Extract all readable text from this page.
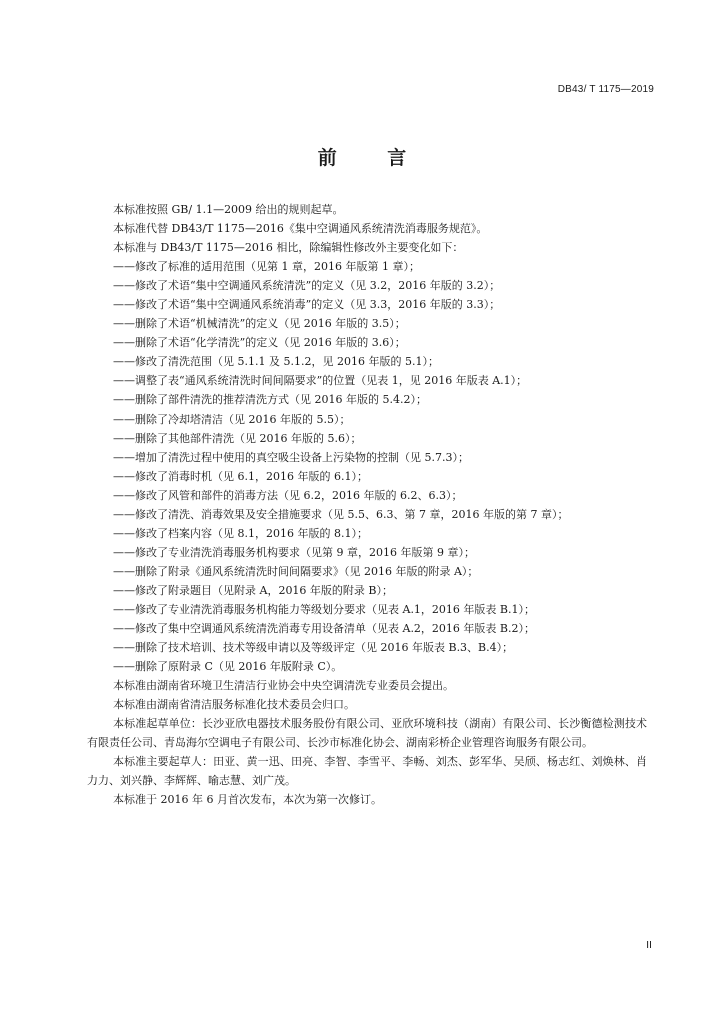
DB43/ T 1175—2019
前 言
本标准按照 GB/ 1.1—2009 给出的规则起草。
本标准代替 DB43/T 1175—2016《集中空调通风系统清洗消毒服务规范》。
本标准与 DB43/T 1175—2016 相比，除编辑性修改外主要变化如下：
——修改了标准的适用范围（见第 1 章，2016 年版第 1 章）；
——修改了术语“集中空调通风系统清洗”的定义（见 3.2，2016 年版的 3.2）；
——修改了术语“集中空调通风系统消毒”的定义（见 3.3，2016 年版的 3.3）；
——删除了术语“机械清洗”的定义（见 2016 年版的 3.5）；
——删除了术语“化学清洗”的定义（见 2016 年版的 3.6）；
——修改了清洗范围（见 5.1.1 及 5.1.2，见 2016 年版的 5.1）；
——调整了表“通风系统清洗时间间隔要求”的位置（见表 1，见 2016 年版表 A.1）；
——删除了部件清洗的推荐清洗方式（见 2016 年版的 5.4.2）；
——删除了冷却塔清洁（见 2016 年版的 5.5）；
——删除了其他部件清洗（见 2016 年版的 5.6）；
——增加了清洗过程中使用的真空吸尘设备上污染物的控制（见 5.7.3）；
——修改了消毒时机（见 6.1，2016 年版的 6.1）；
——修改了风管和部件的消毒方法（见 6.2，2016 年版的 6.2、6.3）；
——修改了清洗、消毒效果及安全措施要求（见 5.5、6.3、第 7 章，2016 年版的第 7 章）；
——修改了档案内容（见 8.1，2016 年版的 8.1）；
——修改了专业清洗消毒服务机构要求（见第 9 章，2016 年版第 9 章）；
——删除了附录《通风系统清洗时间间隔要求》（见 2016 年版的附录 A）；
——修改了附录题目（见附录 A，2016 年版的附录 B）；
——修改了专业清洗消毒服务机构能力等级划分要求（见表 A.1，2016 年版表 B.1）；
——修改了集中空调通风系统清洗消毒专用设备清单（见表 A.2，2016 年版表 B.2）；
——删除了技术培训、技术等级申请以及等级评定（见 2016 年版表 B.3、B.4）；
——删除了原附录 C（见 2016 年版附录 C）。
本标准由湖南省环境卫生清洁行业协会中央空调清洗专业委员会提出。
本标准由湖南省清洁服务标准化技术委员会归口。
本标准起草单位：长沙亚欣电器技术服务股份有限公司、亚欣环境科技（湖南）有限公司、长沙衡德检测技术有限责任公司、青岛海尔空调电子有限公司、长沙市标准化协会、湖南彩桥企业管理咨询服务有限公司。
本标准主要起草人：田亚、黄一迅、田亮、李智、李雪平、李畅、刘杰、彭军华、吴颀、杨志红、刘焕林、肖力力、刘兴静、李辉辉、喻志慧、刘广茂。
本标准于 2016 年 6 月首次发布，本次为第一次修订。
II
